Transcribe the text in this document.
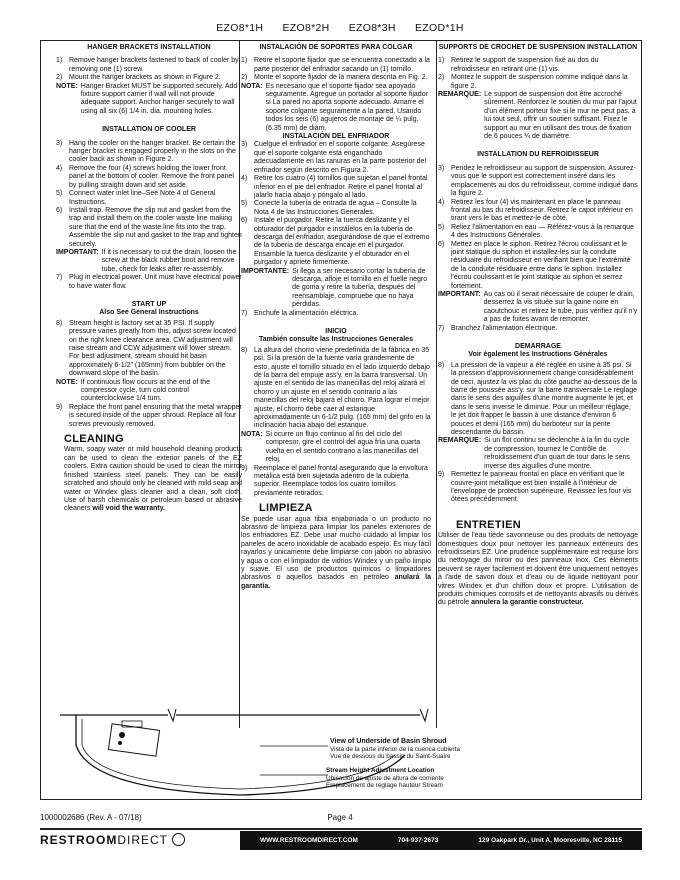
EZO8*1H EZO8*2H EZO8*3H EZOD*1H
HANGER BRACKETS INSTALLATION
1) Remove hanger brackets fastened to back of cooler by removing one (1) screw.
2) Mount the hanger brackets as shown in Figure 2.
NOTE: Hanger Bracket MUST be supported securely. Add fixture support carrier if wall will not provide adequate support. Anchor hanger securely to wall using all six (6) 1/4 in. dia. mounting holes.
INSTALLATION OF COOLER
3) Hang the cooler on the hanger bracket. Be certain the hanger bracket is engaged properly in the slots on the cooler back as shown in Figure 2.
4) Remove the four (4) screws holding the lower front panel at the bottom of cooler. Remove the front panel by pulling straight down and set aside.
5) Connect water inlet line–See Note 4 of General Instructions.
6) Install trap. Remove the slip nut and gasket from the trap and install them on the cooler waste line making sure that the end of the waste line fits into the trap. Assemble the slip nut and gasket to the trap and tighten securely.
IMPORTANT: If it is necessary to cut the drain, loosen the screw at the black rubber boot and remove tube, check for leaks after re-assembly.
7) Plug in electrical power. Unit must have electrical power to have water flow.
START UP
Also See General Instructions
8) Stream height is factory set at 35 PSI. If supply pressure varies greatly from this, adjust screw located on the right knee clearance area. CW adjustment will raise stream and CCW adjustment will lower stream. For best adjustment, stream should hit basin approximately 6-1/2" (165mm) from bubbler on the downward slope of the basin.
NOTE: If continuous flow occurs at the end of the compressor cycle, turn cold control counterclockwise 1/4 turn.
9) Replace the front panel ensuring that the metal wrapper is secured inside of the upper shroud. Replace all four screws previously removed.
CLEANING

Warm, soapy water or mild household cleaning products can be used to clean the exterior panels of the EZ coolers. Extra caution should be used to clean the mirror finished stainless steel panels. They can be easily scratched and should only be cleaned with mild soap and water or Windex glass cleaner and a clean, soft cloth. Use of harsh chemicals or petroleum based or abrasive cleaners will void the warranty.

INSTALACIÓN DE SOPORTES PARA COLGAR
1) Retire el soporte fijador que se encuentra conectado a la parte posterior del enfriador sacando un (1) tornillo.
2) Monte el soporte fijador de la manera descrita en Fig. 2.
NOTA: Es necesario que el soporte fijador sea apoyado seguramente. Agregue un portador al soporte fijador si La pared no aporta soporte adecuado. Amarre el soporte colgante seguramente a la pared. Usando todos los seis (6) agujeros de montaje de ¼ pulg. (6.35 mm) de diám.
INSTALACIÓN DEL ENFRIADOR
3) Cuelgue el enfriador en el soporte colgante. Asegúrese que el soporte colgante está enganchado adecuadamente en las ranuras en la parte posterior del enfriador según descrito en Figura 2.
4) Retire los cuatro (4) tornillos que sujetan el panel frontal inferior en el pie del enfriador. Retire el panel frontal al jalarlo hacia abajo y póngalo al lado.
5) Conecte la tubería de entrada de agua – Consulte la Nota 4 de las Instrucciones Generales.
6) Instale el purgador. Retire la tuerca deslizante y el obturador del purgador e instálelos en la tubería de descarga del enfriador, asegurándose de que el extremo de la tubería de descarga encaje en el purgador. Ensamble la tuerca deslizante y el obturador en el purgador y apriete firmemente.
IMPORTANTE: Si llega a ser necesario cortar la tubería de descarga, afloje el tornillo en el fuelle negro de goma y retire la tubería, después del reensamblaje, compruebe que no haya pérdidas.
7) Enchufe la alimentación eléctrica.
INICIO
También consulte las Instrucciones Generales
8) La altura del chorro viene predefinida de la fábrica en 35 psi. Si la presión de la fuente varía grandemente de esto, ajuste el tornillo situado en el lado izquierdo debajo de la barra del empuje ass'y. en la barra transversal. Un ajuste en el sentido de las manecillas del reloj alzará el chorro y un ajuste en el sentido contrario a las manecillas del reloj bajará el chorro. Para lograr el mejor ajuste, el chorro debe caer al estanque aproximadamente un 6-1/2 pulg. (165 mm) del grifo en la inclinación hacia abajo del estanque.
NOTA: Si ocurre un flujo continuo al fin del ciclo del compresor, gire el control del agua fría una cuarta vuelta en el sentido contrario a las manecillas del reloj.
9) Reemplace el panel frontal asegurando que la envoltura metálica está bien sujetada adentro de la cubierta superior. Reemplace todos los cuatro tornillos previamente retirados.
LIMPIEZA

Se puede usar agua tibia enjabonada o un producto no abrasivo de limpieza para limpiar los paneles exteriores de los enfriadores EZ. Debe usar mucho cuidado al limpiar los paneles de acero inoxidable de acabado espejo. Es muy fácil rayarlos y únicamente debe limpiarse con jabón no abrasivo y agua o con el limpiador de vidrios Windex y un paño limpio y suave. El uso de productos químicos o limpiadores abrasivos o aquellos basados en petróleo anulará la garantía.

SUPPORTS DE CROCHET DE SUSPENSION INSTALLATION
1) Retirez le support de suspension fixé au dos du refroidisseur en retirant une (1) vis.
2) Montez le support de suspension comme indiqué dans la figure 2.
REMARQUE: Le support de suspension doit être accroché sûrement. Renforcez le soutien du mur par l'ajout d'un élément porteur fixe si le mur ne peut pas, à lui tout seul, offrir un soutien suffisant. Fixez le support au mur en utilisant des trous de fixation de 6 pouces ¼ de diamètre.
INSTALLATION DU REFROIDISSEUR
3) Pendez le refroidisseur au support de suspension. Assurez-vous que le support est correctement inséré dans les emplacements au dos du refroidisseur, comme indiqué dans la figure 2.
4) Retirez les four (4) vis maintenant en place le panneau frontal au bas du refroidisseur. Retirez le capot inférieur en tirant vers le bas et mettez-le de côté.
5) Reliez l'alimentation en eau — Référez-vous à la remarque 4 des Instructions Générales.
6) Mettez en place le siphon. Retirez l'écrou coulissant et le joint statique du siphon et installez-les sur la conduite résiduaire du refroidisseur en vérifiant bien que l'extrémité de la conduite résiduaire entre dans le siphon. Installez l'écrou coulissant et le joint statique au siphon et serrez fortement.
IMPORTANT: Au cas où il serait nécessaire de couper le drain, desserrez la vis située sur la gaine noire en caoutchouc et retirez le tube, puis vérifiez qu'il n'y a pas de fuites avant de remonter.
7) Branchez l'alimentation électrique.
DEMARRAGE
Voir également les Instructions Générales
8) La pression de la vapeur a été réglée en usine à 35 psi. Si la pression d'approvisionnement change considérablement de ceci, ajustez la vis plac du côté gauche au-dessous de la barre de poussée ass'y. sur la barre transversale Le réglage dans le sens des aiguilles d'une montre augmente le jet, et dans le sens inverse le diminue. Pour un meilleur réglage, le jet doit frapper le bassin à une distance d'environ 6 pouces et demi (165 mm) du barboteur sur la pente descendante du bassin.
REMARQUE: Si un flot continu se déclenche à la fin du cycle de compression, tournez le Contrôle de refroidissement d'un quart de tour dans le sens inverse des aiguilles d'une montre.
9) Remettez le panneau frontal en place en vérifiant que le couvre-joint métallique est bien installé à l'intérieur de l'enveloppe de protection supérieure. Revissez les four vis ôtées précédemment.
ENTRETIEN

Utiliser de l'eau tiède savonneuse ou des produits de nettoyage domestiques doux pour nettoyer les panneaux extérieurs des refroidisseurs EZ. Une prudence supplémentaire est requise lors du nettoyage du miroir ou des panneaux inox. Ces éléments peuvent se rayer facilement et doivent être uniquement nettoyés à l'aide de savon doux et d'eau ou de liquide nettoyant pour vitres Windex et d'un chiffon doux et propre. L'utilisation de produits chimiques corrosifs et de nettoyants abrasifs ou dérivés du pétrole annulera la garantie constructeur.

View of Underside of Basin Shroud
Vista de la parte inferior de la cuenca cubierta
Vue de dessous du bassin du Saint-Suaire
Stream Height Adjustment Location
Ubicación de ajuste de altura de corriente
Emplacement de réglage hauteur Stream
1000002686 (Rev. A - 07/18)	Page 4
RESTROOMDIRECT	WWW.RESTROOMDIRECT.COM	704·937·2673	129 Oakpark Dr., Unit A, Mooresville, NC 28115
